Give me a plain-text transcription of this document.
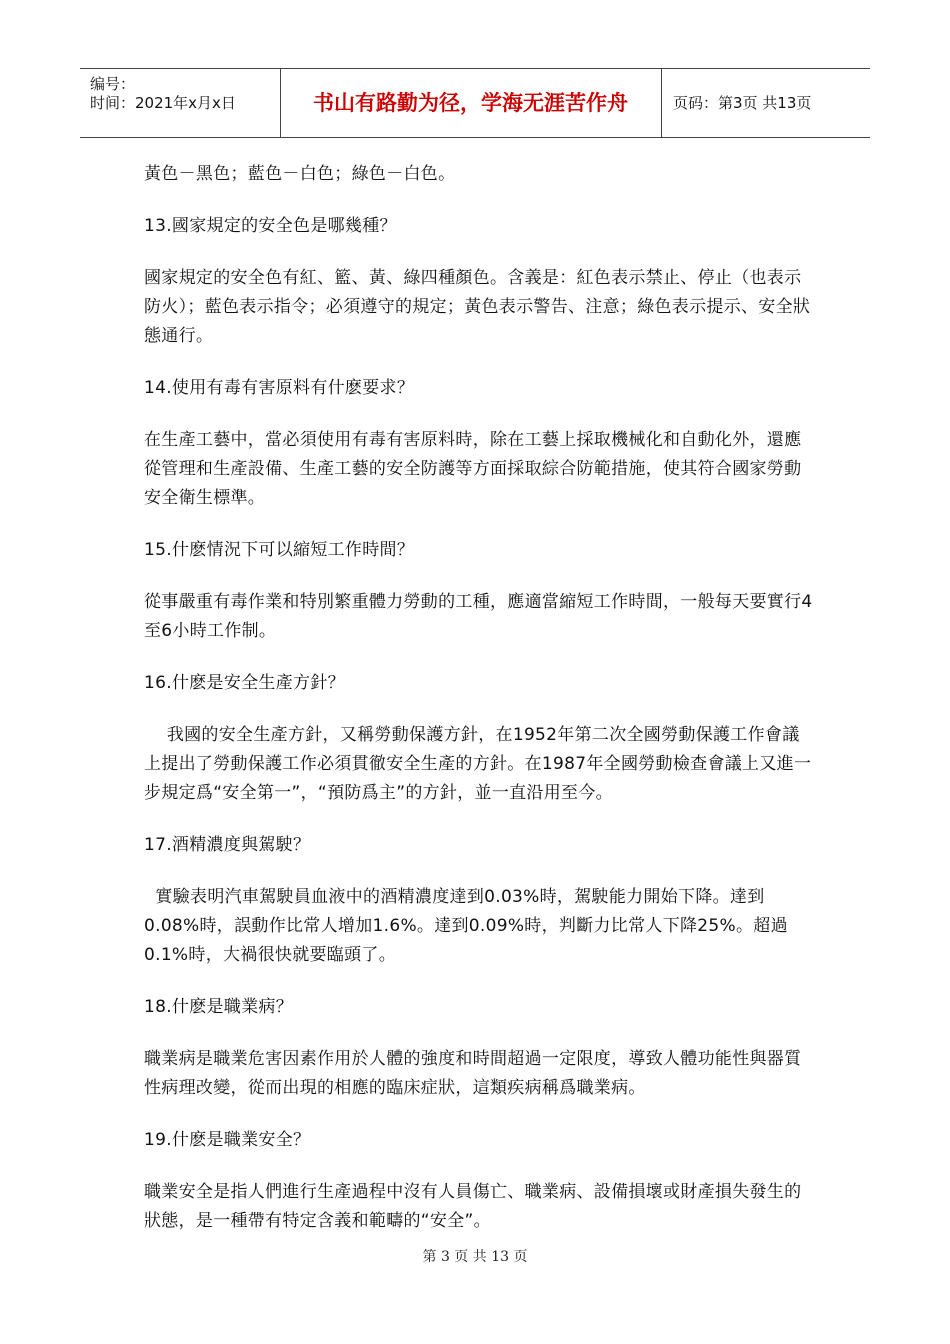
编号：
时间：2021年x月x日	书山有路勤为径，学海无涯苦作舟	页码：第3页 共13页

黃色－黑色；藍色－白色；綠色－白色。

13.國家規定的安全色是哪幾種？

國家規定的安全色有紅、籃、黃、綠四種顏色。含義是：紅色表示禁止、停止（也表示防火）；藍色表示指令；必須遵守的規定；黃色表示警告、注意；綠色表示提示、安全狀態通行。

14.使用有毒有害原料有什麽要求？

在生產工藝中，當必須使用有毒有害原料時，除在工藝上採取機械化和自動化外，還應從管理和生產設備、生產工藝的安全防護等方面採取綜合防範措施，使其符合國家勞動安全衛生標準。

15.什麽情況下可以縮短工作時間？

從事嚴重有毒作業和特別繁重體力勞動的工種，應適當縮短工作時間，一般每天要實行4至6小時工作制。

16.什麽是安全生產方針？

我國的安全生產方針，又稱勞動保護方針，在1952年第二次全國勞動保護工作會議上提出了勞動保護工作必須貫徹安全生產的方針。在1987年全國勞動檢查會議上又進一步規定爲“安全第一”，“預防爲主”的方針，並一直沿用至今。

17.酒精濃度與駕駛？

實驗表明汽車駕駛員血液中的酒精濃度達到0.03%時，駕駛能力開始下降。達到0.08%時，誤動作比常人增加1.6%。達到0.09%時，判斷力比常人下降25%。超過0.1%時，大禍很快就要臨頭了。

18.什麽是職業病？

職業病是職業危害因素作用於人體的強度和時間超過一定限度，導致人體功能性與器質性病理改變，從而出現的相應的臨床症狀，這類疾病稱爲職業病。

19.什麽是職業安全？

職業安全是指人們進行生產過程中沒有人員傷亡、職業病、設備損壞或財產損失發生的狀態，是一種帶有特定含義和範疇的“安全”。

第 3 页 共 13 页
